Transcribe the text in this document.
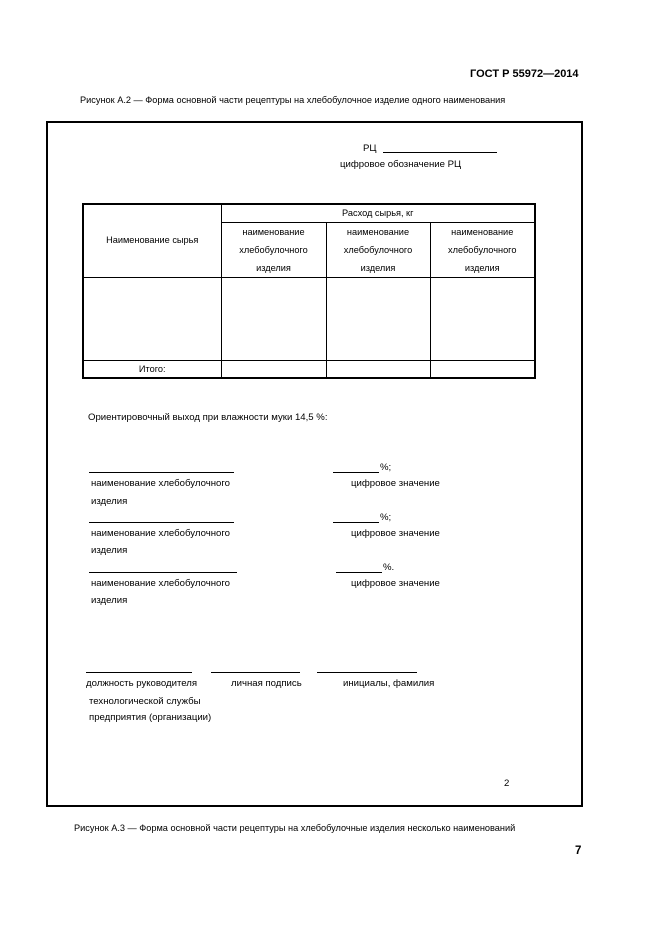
ГОСТ Р 55972—2014
Рисунок А.2 — Форма основной части рецептуры на хлебобулочное изделие одного наименования
РЦ
цифровое обозначение РЦ
Наименование сырья	Расход сырья, кг		
	наименование хлебобулочного изделия	наименование хлебобулочного изделия	наименование хлебобулочного изделия

Итого:			
Ориентировочный выход при влажности муки 14,5 %:
%;
наименование хлебобулочного	цифровое значение
изделия
%;
наименование хлебобулочного	цифровое значение
изделия
%.
наименование хлебобулочного	цифровое значение
изделия
должность руководителя	личная подпись	инициалы, фамилия
технологической службы
предприятия (организации)
2
Рисунок А.3 — Форма основной части рецептуры на хлебобулочные изделия несколько наименований
7
